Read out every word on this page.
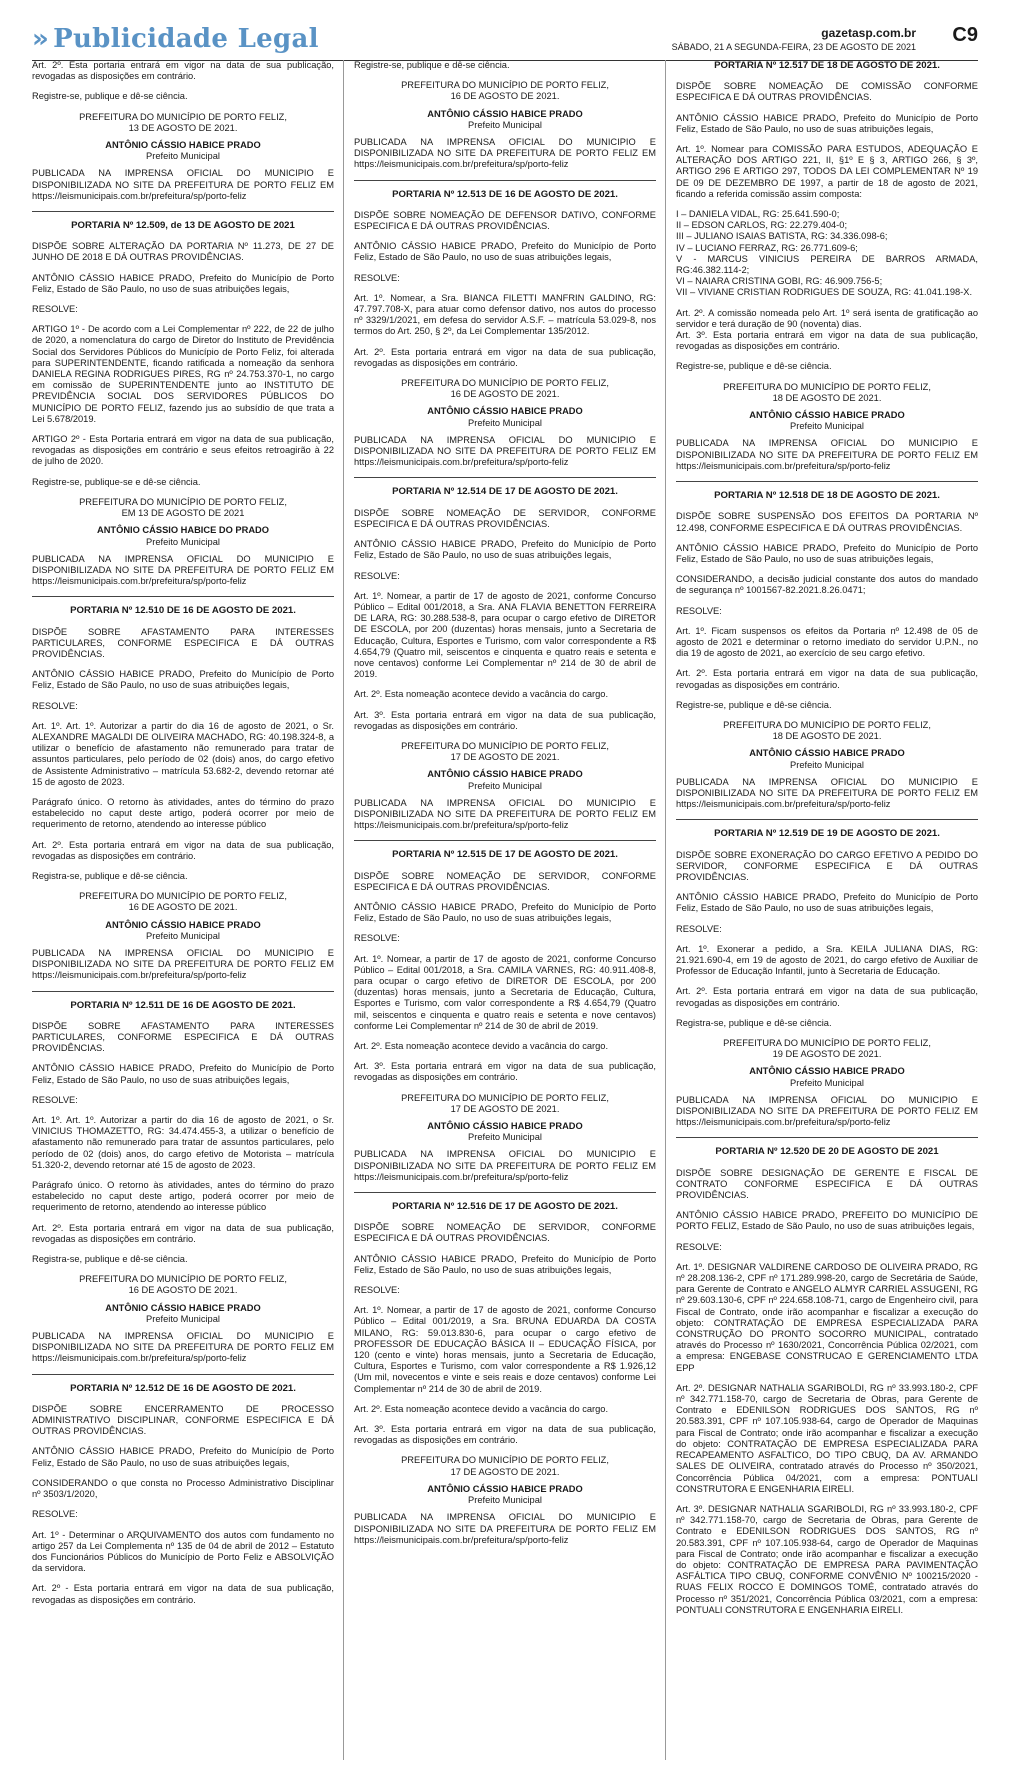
» Publicidade Legal	gazetasp.com.br
SÁBADO, 21 A SEGUNDA-FEIRA, 23 DE AGOSTO DE 2021
C9

Art. 2º. Esta portaria entrará em vigor na data de sua publicação, revogadas as disposições em contrário.

Registre-se, publique e dê-se ciência.

PREFEITURA DO MUNICÍPIO DE PORTO FELIZ,
13 DE AGOSTO DE 2021.

ANTÔNIO CÁSSIO HABICE PRADO

Prefeito Municipal

PUBLICADA NA IMPRENSA OFICIAL DO MUNICIPIO E DISPONIBILIZADA NO SITE DA PREFEITURA DE PORTO FELIZ EM https://leismunicipais.com.br/prefeitura/sp/porto-feliz

PORTARIA Nº 12.509, de 13 DE AGOSTO DE 2021

DISPÕE SOBRE ALTERAÇÃO DA PORTARIA Nº 11.273, DE 27 DE JUNHO DE 2018 E DÁ OUTRAS PROVIDÊNCIAS.

ANTÔNIO CÁSSIO HABICE PRADO, Prefeito do Município de Porto Feliz, Estado de São Paulo, no uso de suas atribuições legais,

RESOLVE:

ARTIGO 1º - De acordo com a Lei Complementar nº 222, de 22 de julho de 2020, a nomenclatura do cargo de Diretor do Instituto de Previdência Social dos Servidores Públicos do Município de Porto Feliz, foi alterada para SUPERINTENDENTE, ficando ratificada a nomeação da senhora DANIELA REGINA RODRIGUES PIRES, RG nº 24.753.370-1, no cargo em comissão de SUPERINTENDENTE junto ao INSTITUTO DE PREVIDÊNCIA SOCIAL DOS SERVIDORES PÚBLICOS DO MUNICÍPIO DE PORTO FELIZ, fazendo jus ao subsídio de que trata a Lei 5.678/2019.

ARTIGO 2º - Esta Portaria entrará em vigor na data de sua publicação, revogadas as disposições em contrário e seus efeitos retroagirão à 22 de julho de 2020.

Registre-se, publique-se e dê-se ciência.

PREFEITURA DO MUNICÍPIO DE PORTO FELIZ,
EM 13 DE AGOSTO DE 2021

ANTÔNIO CÁSSIO HABICE DO PRADO

Prefeito Municipal

PUBLICADA NA IMPRENSA OFICIAL DO MUNICIPIO E DISPONIBILIZADA NO SITE DA PREFEITURA DE PORTO FELIZ EM https://leismunicipais.com.br/prefeitura/sp/porto-feliz

PORTARIA Nº 12.510 DE 16 DE AGOSTO DE 2021.

DISPÕE SOBRE AFASTAMENTO PARA INTERESSES PARTICULARES, CONFORME ESPECIFICA E DÁ OUTRAS PROVIDÊNCIAS.

ANTÔNIO CÁSSIO HABICE PRADO, Prefeito do Município de Porto Feliz, Estado de São Paulo, no uso de suas atribuições legais,

RESOLVE:

Art. 1º. Art. 1º. Autorizar a partir do dia 16 de agosto de 2021, o Sr. ALEXANDRE MAGALDI DE OLIVEIRA MACHADO, RG: 40.198.324-8, a utilizar o benefício de afastamento não remunerado para tratar de assuntos particulares, pelo período de 02 (dois) anos, do cargo efetivo de Assistente Administrativo – matrícula 53.682-2, devendo retornar até 15 de agosto de 2023.

Parágrafo único. O retorno às atividades, antes do término do prazo estabelecido no caput deste artigo, poderá ocorrer por meio de requerimento de retorno, atendendo ao interesse público

Art. 2º. Esta portaria entrará em vigor na data de sua publicação, revogadas as disposições em contrário.

Registra-se, publique e dê-se ciência.

PREFEITURA DO MUNICÍPIO DE PORTO FELIZ,
16 DE AGOSTO DE 2021.

ANTÔNIO CÁSSIO HABICE PRADO

Prefeito Municipal

PUBLICADA NA IMPRENSA OFICIAL DO MUNICIPIO E DISPONIBILIZADA NO SITE DA PREFEITURA DE PORTO FELIZ EM https://leismunicipais.com.br/prefeitura/sp/porto-feliz

PORTARIA Nº 12.511 DE 16 DE AGOSTO DE 2021.

DISPÕE SOBRE AFASTAMENTO PARA INTERESSES PARTICULARES, CONFORME ESPECIFICA E DÁ OUTRAS PROVIDÊNCIAS.

ANTÔNIO CÁSSIO HABICE PRADO, Prefeito do Município de Porto Feliz, Estado de São Paulo, no uso de suas atribuições legais,

RESOLVE:

Art. 1º. Art. 1º. Autorizar a partir do dia 16 de agosto de 2021, o Sr. VINICIUS THOMAZETTO, RG: 34.474.455-3, a utilizar o benefício de afastamento não remunerado para tratar de assuntos particulares, pelo período de 02 (dois) anos, do cargo efetivo de Motorista – matrícula 51.320-2, devendo retornar até 15 de agosto de 2023.

Parágrafo único. O retorno às atividades, antes do término do prazo estabelecido no caput deste artigo, poderá ocorrer por meio de requerimento de retorno, atendendo ao interesse público

Art. 2º. Esta portaria entrará em vigor na data de sua publicação, revogadas as disposições em contrário.

Registra-se, publique e dê-se ciência.

PREFEITURA DO MUNICÍPIO DE PORTO FELIZ,
16 DE AGOSTO DE 2021.

ANTÔNIO CÁSSIO HABICE PRADO

Prefeito Municipal

PUBLICADA NA IMPRENSA OFICIAL DO MUNICIPIO E DISPONIBILIZADA NO SITE DA PREFEITURA DE PORTO FELIZ EM https://leismunicipais.com.br/prefeitura/sp/porto-feliz

PORTARIA Nº 12.512 DE 16 DE AGOSTO DE 2021.

DISPÕE SOBRE ENCERRAMENTO DE PROCESSO ADMINISTRATIVO DISCIPLINAR, CONFORME ESPECIFICA E DÁ OUTRAS PROVIDÊNCIAS.

ANTÔNIO CÁSSIO HABICE PRADO, Prefeito do Município de Porto Feliz, Estado de São Paulo, no uso de suas atribuições legais,

CONSIDERANDO o que consta no Processo Administrativo Disciplinar nº 3503/1/2020,

RESOLVE:

Art. 1º - Determinar o ARQUIVAMENTO dos autos com fundamento no artigo 257 da Lei Complementa nº 135 de 04 de abril de 2012 – Estatuto dos Funcionários Públicos do Município de Porto Feliz e ABSOLVIÇÃO da servidora.

Art. 2º - Esta portaria entrará em vigor na data de sua publicação, revogadas as disposições em contrário.

Registre-se, publique e dê-se ciência.

PREFEITURA DO MUNICÍPIO DE PORTO FELIZ,
16 DE AGOSTO DE 2021.

ANTÔNIO CÁSSIO HABICE PRADO

Prefeito Municipal

PUBLICADA NA IMPRENSA OFICIAL DO MUNICIPIO E DISPONIBILIZADA NO SITE DA PREFEITURA DE PORTO FELIZ EM https://leismunicipais.com.br/prefeitura/sp/porto-feliz

PORTARIA Nº 12.513 DE 16 DE AGOSTO DE 2021.

DISPÕE SOBRE NOMEAÇÃO DE DEFENSOR DATIVO, CONFORME ESPECIFICA E DÁ OUTRAS PROVIDÊNCIAS.

ANTÔNIO CÁSSIO HABICE PRADO, Prefeito do Município de Porto Feliz, Estado de São Paulo, no uso de suas atribuições legais,

RESOLVE:

Art. 1º. Nomear, a Sra. BIANCA FILETTI MANFRIN GALDINO, RG: 47.797.708-X, para atuar como defensor dativo, nos autos do processo nº 3329/1/2021, em defesa do servidor A.S.F. – matrícula 53.029-8, nos termos do Art. 250, § 2º, da Lei Complementar 135/2012.

Art. 2º. Esta portaria entrará em vigor na data de sua publicação, revogadas as disposições em contrário.

PREFEITURA DO MUNICÍPIO DE PORTO FELIZ,
16 DE AGOSTO DE 2021.

ANTÔNIO CÁSSIO HABICE PRADO

Prefeito Municipal

PUBLICADA NA IMPRENSA OFICIAL DO MUNICIPIO E DISPONIBILIZADA NO SITE DA PREFEITURA DE PORTO FELIZ EM https://leismunicipais.com.br/prefeitura/sp/porto-feliz

PORTARIA Nº 12.514 DE 17 DE AGOSTO DE 2021.

DISPÕE SOBRE NOMEAÇÃO DE SERVIDOR, CONFORME ESPECIFICA E DÁ OUTRAS PROVIDÊNCIAS.

ANTÔNIO CÁSSIO HABICE PRADO, Prefeito do Município de Porto Feliz, Estado de São Paulo, no uso de suas atribuições legais,

RESOLVE:

Art. 1º. Nomear, a partir de 17 de agosto de 2021, conforme Concurso Público – Edital 001/2018, a Sra. ANA FLAVIA BENETTON FERREIRA DE LARA, RG: 30.288.538-8, para ocupar o cargo efetivo de DIRETOR DE ESCOLA, por 200 (duzentas) horas mensais, junto a Secretaria de Educação, Cultura, Esportes e Turismo, com valor correspondente a R$ 4.654,79 (Quatro mil, seiscentos e cinquenta e quatro reais e setenta e nove centavos) conforme Lei Complementar nº 214 de 30 de abril de 2019.

Art. 2º. Esta nomeação acontece devido a vacância do cargo.

Art. 3º. Esta portaria entrará em vigor na data de sua publicação, revogadas as disposições em contrário.

PREFEITURA DO MUNICÍPIO DE PORTO FELIZ,
17 DE AGOSTO DE 2021.

ANTÔNIO CÁSSIO HABICE PRADO

Prefeito Municipal

PUBLICADA NA IMPRENSA OFICIAL DO MUNICIPIO E DISPONIBILIZADA NO SITE DA PREFEITURA DE PORTO FELIZ EM https://leismunicipais.com.br/prefeitura/sp/porto-feliz

PORTARIA Nº 12.515 DE 17 DE AGOSTO DE 2021.

DISPÕE SOBRE NOMEAÇÃO DE SERVIDOR, CONFORME ESPECIFICA E DÁ OUTRAS PROVIDÊNCIAS.

ANTÔNIO CÁSSIO HABICE PRADO, Prefeito do Município de Porto Feliz, Estado de São Paulo, no uso de suas atribuições legais,

RESOLVE:

Art. 1º. Nomear, a partir de 17 de agosto de 2021, conforme Concurso Público – Edital 001/2018, a Sra. CAMILA VARNES, RG: 40.911.408-8, para ocupar o cargo efetivo de DIRETOR DE ESCOLA, por 200 (duzentas) horas mensais, junto a Secretaria de Educação, Cultura, Esportes e Turismo, com valor correspondente a R$ 4.654,79 (Quatro mil, seiscentos e cinquenta e quatro reais e setenta e nove centavos) conforme Lei Complementar nº 214 de 30 de abril de 2019.

Art. 2º. Esta nomeação acontece devido a vacância do cargo.

Art. 3º. Esta portaria entrará em vigor na data de sua publicação, revogadas as disposições em contrário.

PREFEITURA DO MUNICÍPIO DE PORTO FELIZ,
17 DE AGOSTO DE 2021.

ANTÔNIO CÁSSIO HABICE PRADO

Prefeito Municipal

PUBLICADA NA IMPRENSA OFICIAL DO MUNICIPIO E DISPONIBILIZADA NO SITE DA PREFEITURA DE PORTO FELIZ EM https://leismunicipais.com.br/prefeitura/sp/porto-feliz

PORTARIA Nº 12.516 DE 17 DE AGOSTO DE 2021.

DISPÕE SOBRE NOMEAÇÃO DE SERVIDOR, CONFORME ESPECIFICA E DÁ OUTRAS PROVIDÊNCIAS.

ANTÔNIO CÁSSIO HABICE PRADO, Prefeito do Município de Porto Feliz, Estado de São Paulo, no uso de suas atribuições legais,

RESOLVE:

Art. 1º. Nomear, a partir de 17 de agosto de 2021, conforme Concurso Público – Edital 001/2019, a Sra. BRUNA EDUARDA DA COSTA MILANO, RG: 59.013.830-6, para ocupar o cargo efetivo de PROFESSOR DE EDUCAÇÃO BÁSICA II – EDUCAÇÃO FÍSICA, por 120 (cento e vinte) horas mensais, junto a Secretaria de Educação, Cultura, Esportes e Turismo, com valor correspondente a R$ 1.926,12 (Um mil, novecentos e vinte e seis reais e doze centavos) conforme Lei Complementar nº 214 de 30 de abril de 2019.

Art. 2º. Esta nomeação acontece devido a vacância do cargo.

Art. 3º. Esta portaria entrará em vigor na data de sua publicação, revogadas as disposições em contrário.

PREFEITURA DO MUNICÍPIO DE PORTO FELIZ,
17 DE AGOSTO DE 2021.

ANTÔNIO CÁSSIO HABICE PRADO

Prefeito Municipal

PUBLICADA NA IMPRENSA OFICIAL DO MUNICIPIO E DISPONIBILIZADA NO SITE DA PREFEITURA DE PORTO FELIZ EM https://leismunicipais.com.br/prefeitura/sp/porto-feliz

PORTARIA Nº 12.517 DE 18 DE AGOSTO DE 2021.

DISPÕE SOBRE NOMEAÇÃO DE COMISSÃO CONFORME ESPECIFICA E DÁ OUTRAS PROVIDÊNCIAS.

ANTÔNIO CÁSSIO HABICE PRADO, Prefeito do Município de Porto Feliz, Estado de São Paulo, no uso de suas atribuições legais,

Art. 1º. Nomear para COMISSÃO PARA ESTUDOS, ADEQUAÇÃO E ALTERAÇÃO DOS ARTIGO 221, II, §1º E § 3, ARTIGO 266, § 3º, ARTIGO 296 E ARTIGO 297, TODOS DA LEI COMPLEMENTAR Nº 19 DE 09 DE DEZEMBRO DE 1997, a partir de 18 de agosto de 2021, ficando a referida comissão assim composta:

I – DANIELA VIDAL, RG: 25.641.590-0;

II – EDSON CARLOS, RG: 22.279.404-0;

III – JULIANO ISAIAS BATISTA, RG: 34.336.098-6;

IV – LUCIANO FERRAZ, RG: 26.771.609-6;

V - MARCUS VINICIUS PEREIRA DE BARROS ARMADA, RG:46.382.114-2;

VI – NAIARA CRISTINA GOBI, RG: 46.909.756-5;

VII – VIVIANE CRISTIAN RODRIGUES DE SOUZA, RG: 41.041.198-X.

Art. 2º. A comissão nomeada pelo Art. 1º será isenta de gratificação ao servidor e terá duração de 90 (noventa) dias.

Art. 3º. Esta portaria entrará em vigor na data de sua publicação, revogadas as disposições em contrário.

Registre-se, publique e dê-se ciência.

PREFEITURA DO MUNICÍPIO DE PORTO FELIZ,
18 DE AGOSTO DE 2021.

ANTÔNIO CÁSSIO HABICE PRADO

Prefeito Municipal

PUBLICADA NA IMPRENSA OFICIAL DO MUNICIPIO E DISPONIBILIZADA NO SITE DA PREFEITURA DE PORTO FELIZ EM https://leismunicipais.com.br/prefeitura/sp/porto-feliz

PORTARIA Nº 12.518 DE 18 DE AGOSTO DE 2021.

DISPÕE SOBRE SUSPENSÃO DOS EFEITOS DA PORTARIA Nº 12.498, CONFORME ESPECIFICA E DÁ OUTRAS PROVIDÊNCIAS.

ANTÔNIO CÁSSIO HABICE PRADO, Prefeito do Município de Porto Feliz, Estado de São Paulo, no uso de suas atribuições legais,

CONSIDERANDO, a decisão judicial constante dos autos do mandado de segurança nº 1001567-82.2021.8.26.0471;

RESOLVE:

Art. 1º. Ficam suspensos os efeitos da Portaria nº 12.498 de 05 de agosto de 2021 e determinar o retorno imediato do servidor U.P.N., no dia 19 de agosto de 2021, ao exercício de seu cargo efetivo.

Art. 2º. Esta portaria entrará em vigor na data de sua publicação, revogadas as disposições em contrário.

Registre-se, publique e dê-se ciência.

PREFEITURA DO MUNICÍPIO DE PORTO FELIZ,
18 DE AGOSTO DE 2021.

ANTÔNIO CÁSSIO HABICE PRADO

Prefeito Municipal

PUBLICADA NA IMPRENSA OFICIAL DO MUNICIPIO E DISPONIBILIZADA NO SITE DA PREFEITURA DE PORTO FELIZ EM https://leismunicipais.com.br/prefeitura/sp/porto-feliz

PORTARIA Nº 12.519 DE 19 DE AGOSTO DE 2021.

DISPÕE SOBRE EXONERAÇÃO DO CARGO EFETIVO A PEDIDO DO SERVIDOR, CONFORME ESPECIFICA E DÁ OUTRAS PROVIDÊNCIAS.

ANTÔNIO CÁSSIO HABICE PRADO, Prefeito do Município de Porto Feliz, Estado de São Paulo, no uso de suas atribuições legais,

RESOLVE:

Art. 1º. Exonerar a pedido, a Sra. KEILA JULIANA DIAS, RG: 21.921.690-4, em 19 de agosto de 2021, do cargo efetivo de Auxiliar de Professor de Educação Infantil, junto à Secretaria de Educação.

Art. 2º. Esta portaria entrará em vigor na data de sua publicação, revogadas as disposições em contrário.

Registra-se, publique e dê-se ciência.

PREFEITURA DO MUNICÍPIO DE PORTO FELIZ,
19 DE AGOSTO DE 2021.

ANTÔNIO CÁSSIO HABICE PRADO

Prefeito Municipal

PUBLICADA NA IMPRENSA OFICIAL DO MUNICIPIO E DISPONIBILIZADA NO SITE DA PREFEITURA DE PORTO FELIZ EM https://leismunicipais.com.br/prefeitura/sp/porto-feliz

PORTARIA Nº 12.520 DE 20 DE AGOSTO DE 2021

DISPÕE SOBRE DESIGNAÇÃO DE GERENTE E FISCAL DE CONTRATO CONFORME ESPECIFICA E DÁ OUTRAS PROVIDÊNCIAS.

ANTÔNIO CÁSSIO HABICE PRADO, PREFEITO DO MUNICÍPIO DE PORTO FELIZ, Estado de São Paulo, no uso de suas atribuições legais,

RESOLVE:

Art. 1º. DESIGNAR VALDIRENE CARDOSO DE OLIVEIRA PRADO, RG nº 28.208.136-2, CPF nº 171.289.998-20, cargo de Secretária de Saúde, para Gerente de Contrato e ANGELO ALMYR CARRIEL ASSUGENI, RG nº 29.603.130-6, CPF nº 224.658.108-71, cargo de Engenheiro civil, para Fiscal de Contrato, onde irão acompanhar e fiscalizar a execução do objeto: CONTRATAÇÃO DE EMPRESA ESPECIALIZADA PARA CONSTRUÇÃO DO PRONTO SOCORRO MUNICIPAL, contratado através do Processo nº 1630/2021, Concorrência Pública 02/2021, com a empresa: ENGEBASE CONSTRUCAO E GERENCIAMENTO LTDA EPP

Art. 2º. DESIGNAR NATHALIA SGARIBOLDI, RG nº 33.993.180-2, CPF nº 342.771.158-70, cargo de Secretaria de Obras, para Gerente de Contrato e EDENILSON RODRIGUES DOS SANTOS, RG nº 20.583.391, CPF nº 107.105.938-64, cargo de Operador de Maquinas para Fiscal de Contrato; onde irão acompanhar e fiscalizar a execução do objeto: CONTRATAÇÃO DE EMPRESA ESPECIALIZADA PARA RECAPEAMENTO ASFALTICO, DO TIPO CBUQ, DA AV. ARMANDO SALES DE OLIVEIRA, contratado através do Processo nº 350/2021, Concorrência Pública 04/2021, com a empresa: PONTUALI CONSTRUTORA E ENGENHARIA EIRELI.

Art. 3º. DESIGNAR NATHALIA SGARIBOLDI, RG nº 33.993.180-2, CPF nº 342.771.158-70, cargo de Secretaria de Obras, para Gerente de Contrato e EDENILSON RODRIGUES DOS SANTOS, RG nº 20.583.391, CPF nº 107.105.938-64, cargo de Operador de Maquinas para Fiscal de Contrato; onde irão acompanhar e fiscalizar a execução do objeto: CONTRATAÇÃO DE EMPRESA PARA PAVIMENTAÇÃO ASFÁLTICA TIPO CBUQ, CONFORME CONVÊNIO Nº 100215/2020 - RUAS FELIX ROCCO E DOMINGOS TOMÉ, contratado através do Processo nº 351/2021, Concorrência Pública 03/2021, com a empresa: PONTUALI CONSTRUTORA E ENGENHARIA EIRELI.
